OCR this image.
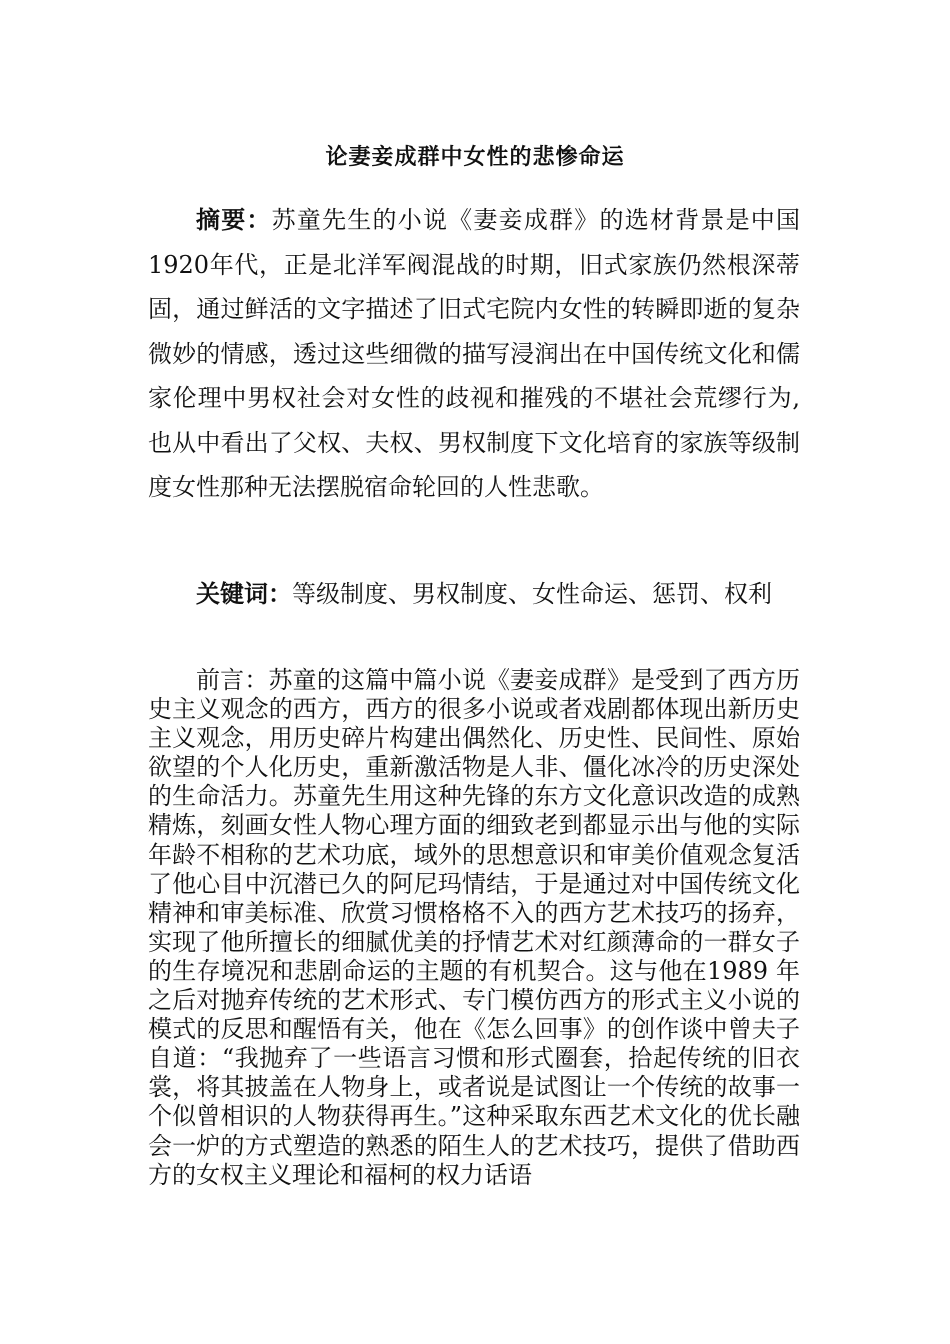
论妻妾成群中女性的悲惨命运

摘要：苏童先生的小说《妻妾成群》的选材背景是中国1920年代，正是北洋军阀混战的时期，旧式家族仍然根深蒂固，通过鲜活的文字描述了旧式宅院内女性的转瞬即逝的复杂微妙的情感，透过这些细微的描写浸润出在中国传统文化和儒家伦理中男权社会对女性的歧视和摧残的不堪社会荒缪行为,也从中看出了父权、夫权、男权制度下文化培育的家族等级制度女性那种无法摆脱宿命轮回的人性悲歌。

关键词：等级制度、男权制度、女性命运、惩罚、权利

前言：苏童的这篇中篇小说《妻妾成群》是受到了西方历史主义观念的西方，西方的很多小说或者戏剧都体现出新历史主义观念，用历史碎片构建出偶然化、历史性、民间性、原始欲望的个人化历史，重新激活物是人非、僵化冰冷的历史深处的生命活力。苏童先生用这种先锋的东方文化意识改造的成熟精炼，刻画女性人物心理方面的细致老到都显示出与他的实际年龄不相称的艺术功底，域外的思想意识和审美价值观念复活了他心目中沉潜已久的阿尼玛情结，于是通过对中国传统文化精神和审美标准、欣赏习惯格格不入的西方艺术技巧的扬弃，实现了他所擅长的细腻优美的抒情艺术对红颜薄命的一群女子的生存境况和悲剧命运的主题的有机契合。这与他在1989 年之后对抛弃传统的艺术形式、专门模仿西方的形式主义小说的模式的反思和醒悟有关，他在《怎么回事》的创作谈中曾夫子自道：“我抛弃了一些语言习惯和形式圈套，拾起传统的旧衣裳，将其披盖在人物身上，或者说是试图让一个传统的故事一个似曾相识的人物获得再生。”这种采取东西艺术文化的优长融会一炉的方式塑造的熟悉的陌生人的艺术技巧，提供了借助西方的女权主义理论和福柯的权力话语
